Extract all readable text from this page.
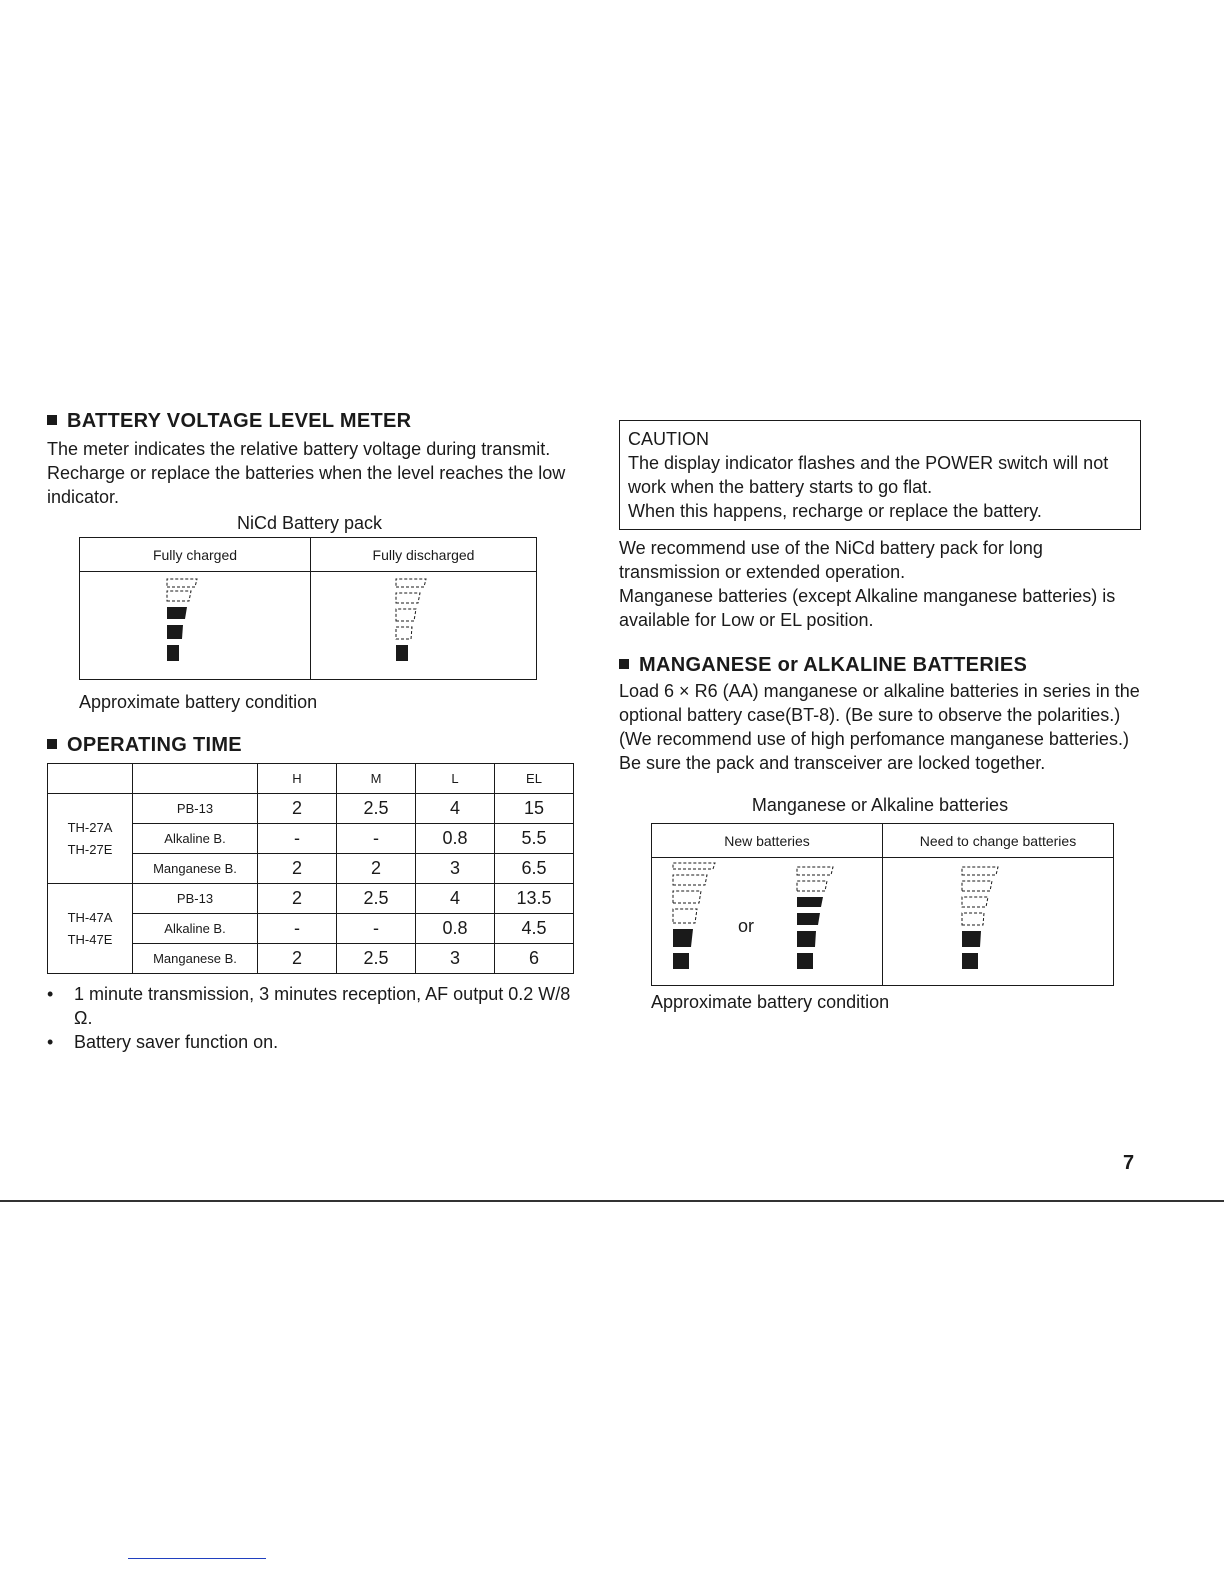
BATTERY VOLTAGE LEVEL METER

The meter indicates the relative battery voltage during transmit.

Recharge or replace the batteries when the level reaches the low indicator.

NiCd Battery pack
Fully charged	Fully discharged

Approximate battery condition
OPERATING TIME
		H	M	L	EL
TH-27A
TH-27E	PB-13	2	2.5	4	15
	Alkaline B.	-	-	0.8	5.5
	Manganese B.	2	2	3	6.5
TH-47A
TH-47E	PB-13	2	2.5	4	13.5
	Alkaline B.	-	-	0.8	4.5
	Manganese B.	2	2.5	3	6

• 1 minute transmission, 3 minutes reception, AF output 0.2 W/8 Ω.

• Battery saver function on.

CAUTION
The display indicator flashes and the POWER switch will not work when the battery starts to go flat.
When this happens, recharge or replace the battery.

We recommend use of the NiCd battery pack for long transmission or extended operation.

Manganese batteries (except Alkaline manganese batteries) is available for Low or EL position.

MANGANESE or ALKALINE BATTERIES

Load 6 × R6 (AA) manganese or alkaline batteries in series in the optional battery case(BT-8). (Be sure to observe the polarities.)

(We recommend use of high perfomance manganese batteries.)

Be sure the pack and transceiver are locked together.

Manganese or Alkaline batteries
New batteries	Need to change batteries

or

Approximate battery condition
7
